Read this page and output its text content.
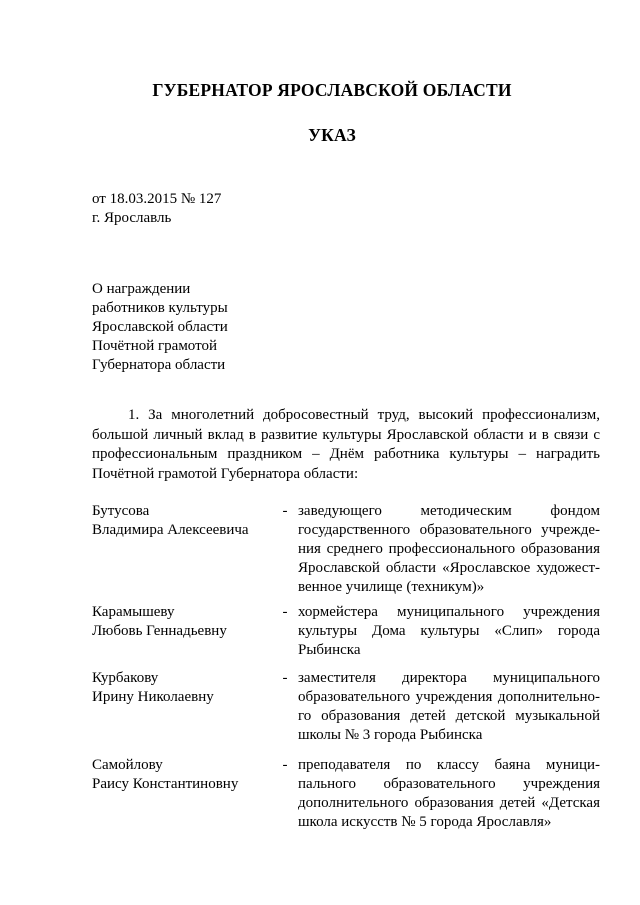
ГУБЕРНАТОР ЯРОСЛАВСКОЙ ОБЛАСТИ
УКАЗ
от 18.03.2015 № 127
г. Ярославль
О награждении
работников культуры
Ярославской области
Почётной грамотой
Губернатора области
1. За многолетний добросовестный труд, высокий профессионализм,
большой личный вклад в развитие культуры Ярославской области и в связи с
профессиональным праздником – Днём работника культуры – наградить
Почётной грамотой Губернатора области:
Бутусова
Владимира Алексеевича
- заведующего методическим фондом
государственного образовательного учрежде-
ния среднего профессионального образования
Ярославской области «Ярославское художест-
венное училище (техникум)»
Карамышеву
Любовь Геннадьевну
- хормейстера муниципального учреждения
культуры Дома культуры «Слип» города
Рыбинска
Курбакову
Ирину Николаевну
- заместителя директора муниципального
образовательного учреждения дополнительно-
го образования детей детской музыкальной
школы № 3 города Рыбинска
Самойлову
Раису Константиновну
- преподавателя по классу баяна муници-
пального образовательного учреждения
дополнительного образования детей «Детская
школа искусств № 5 города Ярославля»
